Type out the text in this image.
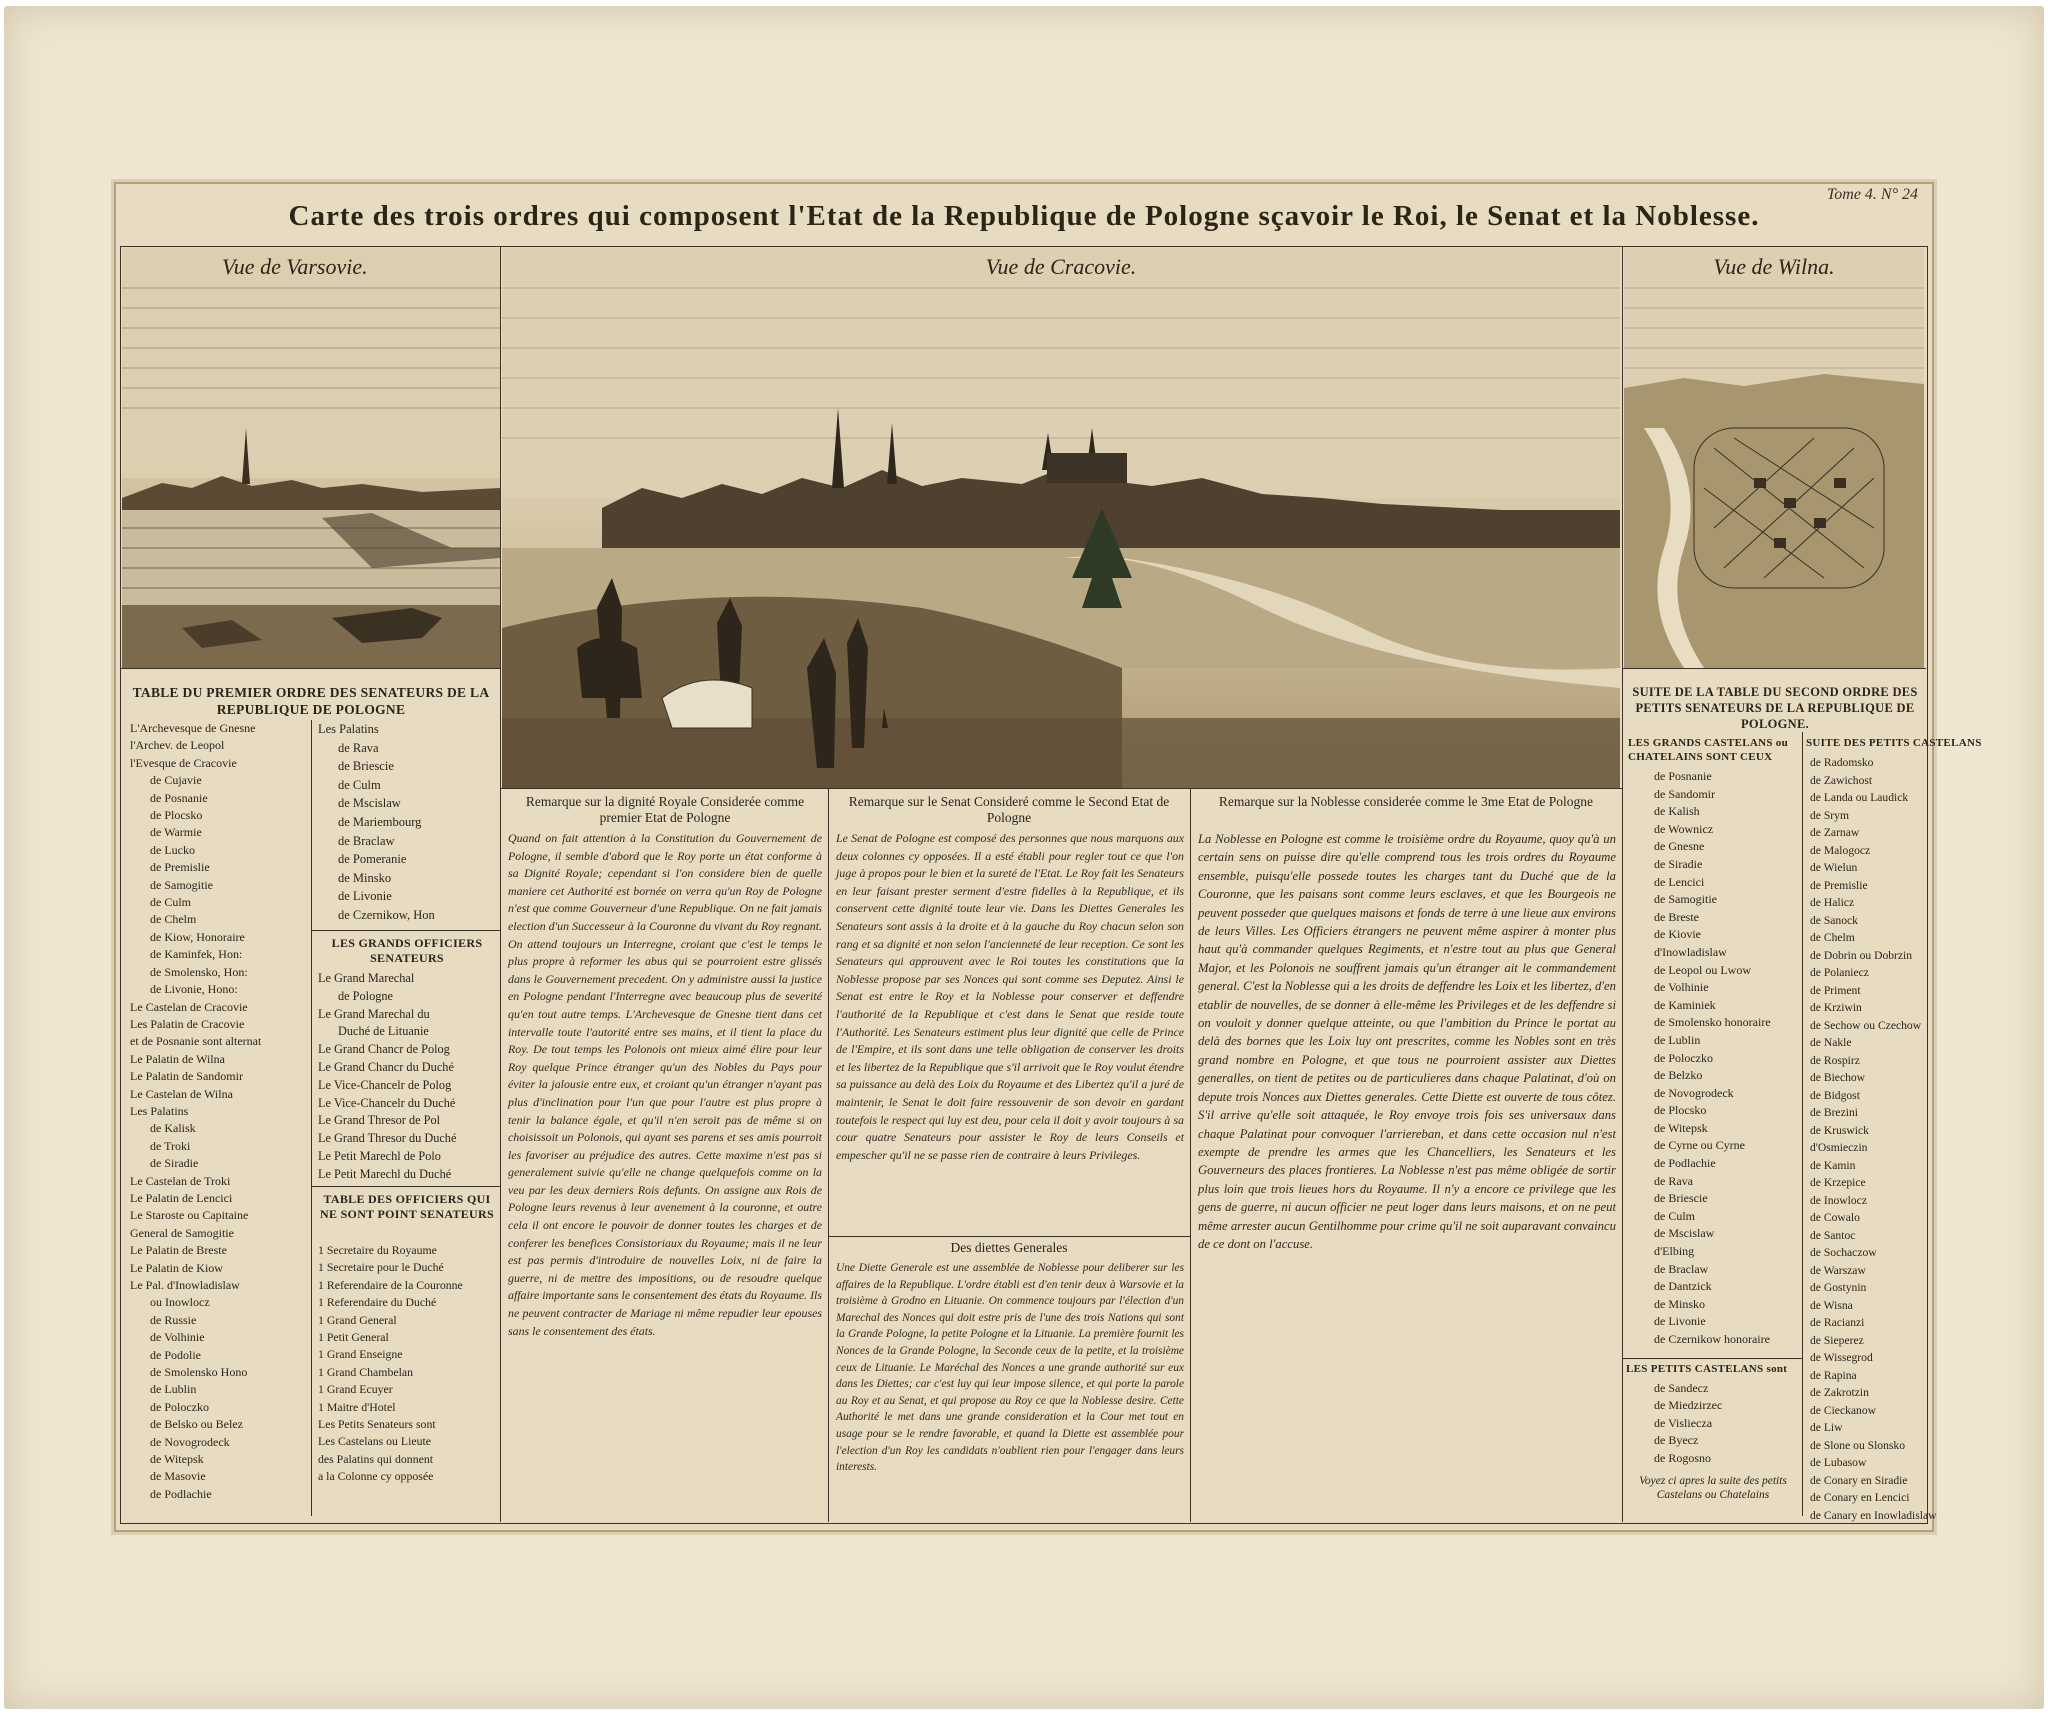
Carte des trois ordres qui composent l'Etat de la Republique de Pologne sçavoir le Roi, le Senat et la Noblesse.
Tome 4. N° 24
Vue de Varsovie.	Vue de Cracovie.	Vue de Wilna.
TABLE DU PREMIER ORDRE DES SENATEURS DE LA REPUBLIQUE DE POLOGNE
L'Archevesque de Gnesne
l'Archev. de Leopol
l'Evesque de Cracovie
de Cujavie
de Posnanie
de Plocsko
de Warmie
de Lucko
de Premislie
de Samogitie
de Culm
de Chelm
de Kiow, Honoraire
de Kaminfek, Hon:
de Smolensko, Hon:
de Livonie, Hono:
Le Castelan de Cracovie
Les Palatin de Cracovie
et de Posnanie sont alternat
Le Palatin de Wilna
Le Palatin de Sandomir
Le Castelan de Wilna
Les Palatins
de Kalisk
de Troki
de Siradie
Le Castelan de Troki
Le Palatin de Lencici
Le Staroste ou Capitaine
General de Samogitie
Le Palatin de Breste
Le Palatin de Kiow
Le Pal. d'Inowladislaw
ou Inowlocz
de Russie
de Volhinie
de Podolie
de Smolensko Hono
de Lublin
de Poloczko
de Belsko ou Belez
de Novogrodeck
de Witepsk
de Masovie
de Podlachie
Les Palatins
de Rava
de Briescie
de Culm
de Mscislaw
de Mariembourg
de Braclaw
de Pomeranie
de Minsko
de Livonie
de Czernikow, Hon
LES GRANDS OFFICIERS SENATEURS
Le Grand Marechal
de Pologne
Le Grand Marechal du
Duché de Lituanie
Le Grand Chancr de Polog
Le Grand Chancr du Duché
Le Vice-Chancelr de Polog
Le Vice-Chancelr du Duché
Le Grand Thresor de Pol
Le Grand Thresor du Duché
Le Petit Marechl de Polo
Le Petit Marechl du Duché
TABLE DES OFFICIERS QUI NE SONT POINT SENATEURS
1 Secretaire du Royaume
1 Secretaire pour le Duché
1 Referendaire de la Couronne
1 Referendaire du Duché
1 Grand General
1 Petit General
1 Grand Enseigne
1 Grand Chambelan
1 Grand Ecuyer
1 Maitre d'Hotel
Les Petits Senateurs sont
Les Castelans ou Lieute
des Palatins qui donnent
a la Colonne cy opposée
Remarque sur la dignité Royale Considerée comme premier Etat de Pologne

Quand on fait attention à la Constitution du Gouvernement de Pologne, il semble d'abord que le Roy porte un état conforme à sa Dignité Royale; cependant si l'on considere bien de quelle maniere cet Authorité est bornée on verra qu'un Roy de Pologne n'est que comme Gouverneur d'une Republique. On ne fait jamais election d'un Successeur à la Couronne du vivant du Roy regnant. On attend toujours un Interregne, croiant que c'est le temps le plus propre à reformer les abus qui se pourroient estre glissés dans le Gouvernement precedent. On y administre aussi la justice en Pologne pendant l'Interregne avec beaucoup plus de severité qu'en tout autre temps. L'Archevesque de Gnesne tient dans cet intervalle toute l'autorité entre ses mains, et il tient la place du Roy. De tout temps les Polonois ont mieux aimé élire pour leur Roy quelque Prince étranger qu'un des Nobles du Pays pour éviter la jalousie entre eux, et croiant qu'un étranger n'ayant pas plus d'inclination pour l'un que pour l'autre est plus propre à tenir la balance égale, et qu'il n'en seroit pas de même si on choisissoit un Polonois, qui ayant ses parens et ses amis pourroit les favoriser au préjudice des autres. Cette maxime n'est pas si generalement suivie qu'elle ne change quelquefois comme on la veu par les deux derniers Rois defunts. On assigne aux Rois de Pologne leurs revenus à leur avenement à la couronne, et outre cela il ont encore le pouvoir de donner toutes les charges et de conferer les benefices Consistoriaux du Royaume; mais il ne leur est pas permis d'introduire de nouvelles Loix, ni de faire la guerre, ni de mettre des impositions, ou de resoudre quelque affaire importante sans le consentement des états du Royaume. Ils ne peuvent contracter de Mariage ni même repudier leur epouses sans le consentement des états.

Remarque sur le Senat Consideré comme le Second Etat de Pologne

Le Senat de Pologne est composé des personnes que nous marquons aux deux colonnes cy opposées. Il a esté établi pour regler tout ce que l'on juge à propos pour le bien et la sureté de l'Etat. Le Roy fait les Senateurs en leur faisant prester serment d'estre fidelles à la Republique, et ils conservent cette dignité toute leur vie. Dans les Diettes Generales les Senateurs sont assis à la droite et à la gauche du Roy chacun selon son rang et sa dignité et non selon l'ancienneté de leur reception. Ce sont les Senateurs qui approuvent avec le Roi toutes les constitutions que la Noblesse propose par ses Nonces qui sont comme ses Deputez. Ainsi le Senat est entre le Roy et la Noblesse pour conserver et deffendre l'authorité de la Republique et c'est dans le Senat que reside toute l'Authorité. Les Senateurs estiment plus leur dignité que celle de Prince de l'Empire, et ils sont dans une telle obligation de conserver les droits et les libertez de la Republique que s'il arrivoit que le Roy voulut étendre sa puissance au delà des Loix du Royaume et des Libertez qu'il a juré de maintenir, le Senat le doit faire ressouvenir de son devoir en gardant toutefois le respect qui luy est deu, pour cela il doit y avoir toujours à sa cour quatre Senateurs pour assister le Roy de leurs Conseils et empescher qu'il ne se passe rien de contraire à leurs Privileges.

Des diettes Generales

Une Diette Generale est une assemblée de Noblesse pour deliberer sur les affaires de la Republique. L'ordre établi est d'en tenir deux à Warsovie et la troisième à Grodno en Lituanie. On commence toujours par l'élection d'un Marechal des Nonces qui doit estre pris de l'une des trois Nations qui sont la Grande Pologne, la petite Pologne et la Lituanie. La première fournit les Nonces de la Grande Pologne, la Seconde ceux de la petite, et la troisième ceux de Lituanie. Le Maréchal des Nonces a une grande authorité sur eux dans les Diettes; car c'est luy qui leur impose silence, et qui porte la parole au Roy et au Senat, et qui propose au Roy ce que la Noblesse desire. Cette Authorité le met dans une grande consideration et la Cour met tout en usage pour se le rendre favorable, et quand la Diette est assemblée pour l'election d'un Roy les candidats n'oublient rien pour l'engager dans leurs interests.

Remarque sur la Noblesse considerée comme le 3me Etat de Pologne

La Noblesse en Pologne est comme le troisième ordre du Royaume, quoy qu'à un certain sens on puisse dire qu'elle comprend tous les trois ordres du Royaume ensemble, puisqu'elle possede toutes les charges tant du Duché que de la Couronne, que les paisans sont comme leurs esclaves, et que les Bourgeois ne peuvent posseder que quelques maisons et fonds de terre à une lieue aux environs de leurs Villes. Les Officiers étrangers ne peuvent même aspirer à monter plus haut qu'à commander quelques Regiments, et n'estre tout au plus que General Major, et les Polonois ne souffrent jamais qu'un étranger ait le commandement general. C'est la Noblesse qui a les droits de deffendre les Loix et les libertez, d'en etablir de nouvelles, de se donner à elle-même les Privileges et de les deffendre si on vouloit y donner quelque atteinte, ou que l'ambition du Prince le portat au delà des bornes que les Loix luy ont prescrites, comme les Nobles sont en très grand nombre en Pologne, et que tous ne pourroient assister aux Diettes generalles, on tient de petites ou de particulieres dans chaque Palatinat, d'où on depute trois Nonces aux Diettes generales. Cette Diette est ouverte de tous côtez. S'il arrive qu'elle soit attaquée, le Roy envoye trois fois ses universaux dans chaque Palatinat pour convoquer l'arriereban, et dans cette occasion nul n'est exempte de prendre les armes que les Chancelliers, les Senateurs et les Gouverneurs des places frontieres. La Noblesse n'est pas même obligée de sortir plus loin que trois lieues hors du Royaume. Il n'y a encore ce privilege que les gens de guerre, ni aucun officier ne peut loger dans leurs maisons, et on ne peut même arrester aucun Gentilhomme pour crime qu'il ne soit auparavant convaincu de ce dont on l'accuse.

SUITE DE LA TABLE DU SECOND ORDRE DES PETITS SENATEURS DE LA REPUBLIQUE DE POLOGNE.
LES GRANDS CASTELANS ou CHATELAINS SONT CEUX
de Posnanie
de Sandomir
de Kalish
de Wownicz
de Gnesne
de Siradie
de Lencici
de Samogitie
de Breste
de Kiovie
d'Inowladislaw
de Leopol ou Lwow
de Volhinie
de Kaminiek
de Smolensko honoraire
de Lublin
de Poloczko
de Belzko
de Novogrodeck
de Plocsko
de Witepsk
de Cyrne ou Cyrne
de Podlachie
de Rava
de Briescie
de Culm
de Mscislaw
d'Elbing
de Braclaw
de Dantzick
de Minsko
de Livonie
de Czernikow honoraire
LES PETITS CASTELANS sont
de Sandecz
de Miedzirzec
de Visliecza
de Byecz
de Rogosno
Voyez ci apres la suite des petits Castelans ou Chatelains
SUITE DES PETITS CASTELANS
de Radomsko
de Zawichost
de Landa ou Laudick
de Srym
de Zarnaw
de Malogocz
de Wielun
de Premislie
de Halicz
de Sanock
de Chelm
de Dobrin ou Dobrzin
de Polaniecz
de Priment
de Krziwin
de Sechow ou Czechow
de Nakle
de Rospirz
de Biechow
de Bidgost
de Brezini
de Kruswick
d'Osmieczin
de Kamin
de Krzepice
de Inowlocz
de Cowalo
de Santoc
de Sochaczow
de Warszaw
de Gostynin
de Wisna
de Racianzi
de Sieperez
de Wissegrod
de Rapina
de Zakrotzin
de Cieckanow
de Liw
de Slone ou Slonsko
de Lubasow
de Conary en Siradie
de Conary en Lencici
de Canary en Inowladislaw
